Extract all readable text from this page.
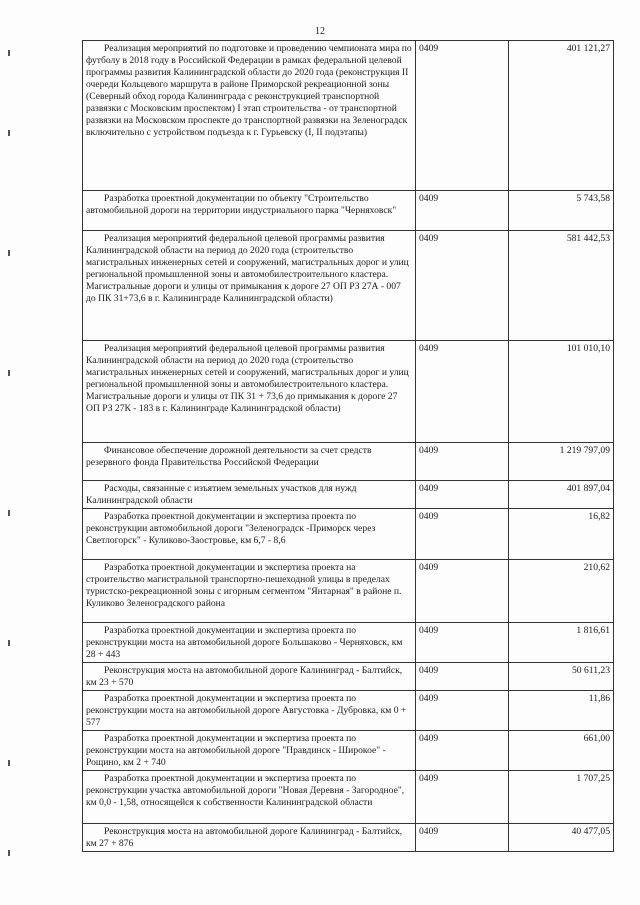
12
Реализация мероприятий по подготовке и проведению чемпионата мира по футболу в 2018 году в Российской Федерации в рамках федеральной целевой программы развития Калининградской области до 2020 года (реконструкция II очереди Кольцевого маршрута в районе Приморской рекреационной зоны (Северный обход города Калининграда с реконструкцией транспортной развязки с Московским проспектом) I этап строительства - от транспортной развязки на Московском проспекте до транспортной развязки на Зеленоградск включительно с устройством подъезда к г. Гурьевску (I, II подэтапы)	0409	401 121,27
Разработка проектной документации по объекту "Строительство автомобильной дороги на территории индустриального парка "Черняховск"	0409	5 743,58
Реализация мероприятий федеральной целевой программы развития Калининградской области на период до 2020 года (строительство магистральных инженерных сетей и сооружений, магистральных дорог и улиц региональной промышленной зоны и автомобилестроительного кластера. Магистральные дороги и улицы от примыкания к дороге 27 ОП РЗ 27А - 007 до ПК 31+73,6 в г. Калининграде Калининградской области)	0409	581 442,53
Реализация мероприятий федеральной целевой программы развития Калининградской области на период до 2020 года (строительство магистральных инженерных сетей и сооружений, магистральных дорог и улиц региональной промышленной зоны и автомобилестроительного кластера. Магистральные дороги и улицы от ПК 31 + 73,6 до примыкания к дороге 27 ОП РЗ 27К - 183 в г. Калининграде Калининградской области)	0409	101 010,10
Финансовое обеспечение дорожной деятельности за счет средств резервного фонда Правительства Российской Федерации	0409	1 219 797,09
Расходы, связанные с изъятием земельных участков для нужд Калининградской области	0409	401 897,04
Разработка проектной документации и экспертиза проекта по реконструкции автомобильной дороги "Зеленоградск -Приморск через Светлогорск" - Куликово-Заостровье, км 6,7 - 8,6	0409	16,82
Разработка проектной документации и экспертиза проекта на строительство магистральной транспортно-пешеходной улицы в пределах туристско-рекреационной зоны с игорным сегментом "Янтарная" в районе п. Куликово Зеленоградского района	0409	210,62
Разработка проектной документации и экспертиза проекта по реконструкции моста на автомобильной дороге Большаково - Черняховск, км 28 + 443	0409	1 816,61
Реконструкция моста на автомобильной дороге Калининград - Балтийск, км 23 + 570	0409	50 611,23
Разработка проектной документации и экспертиза проекта по реконструкции моста на автомобильной дороге Августовка - Дубровка, км 0 + 577	0409	11,86
Разработка проектной документации и экспертиза проекта по реконструкции моста на автомобильной дороге "Правдинск - Широкое" - Рощино, км 2 + 740	0409	661,00
Разработка проектной документации и экспертиза проекта по реконструкции участка автомобильной дороги "Новая Деревня - Загородное", км 0,0 - 1,58, относящейся к собственности Калининградской области	0409	1 707,25
Реконструкция моста на автомобильной дороге Калининград - Балтийск, км 27 + 876	0409	40 477,05
